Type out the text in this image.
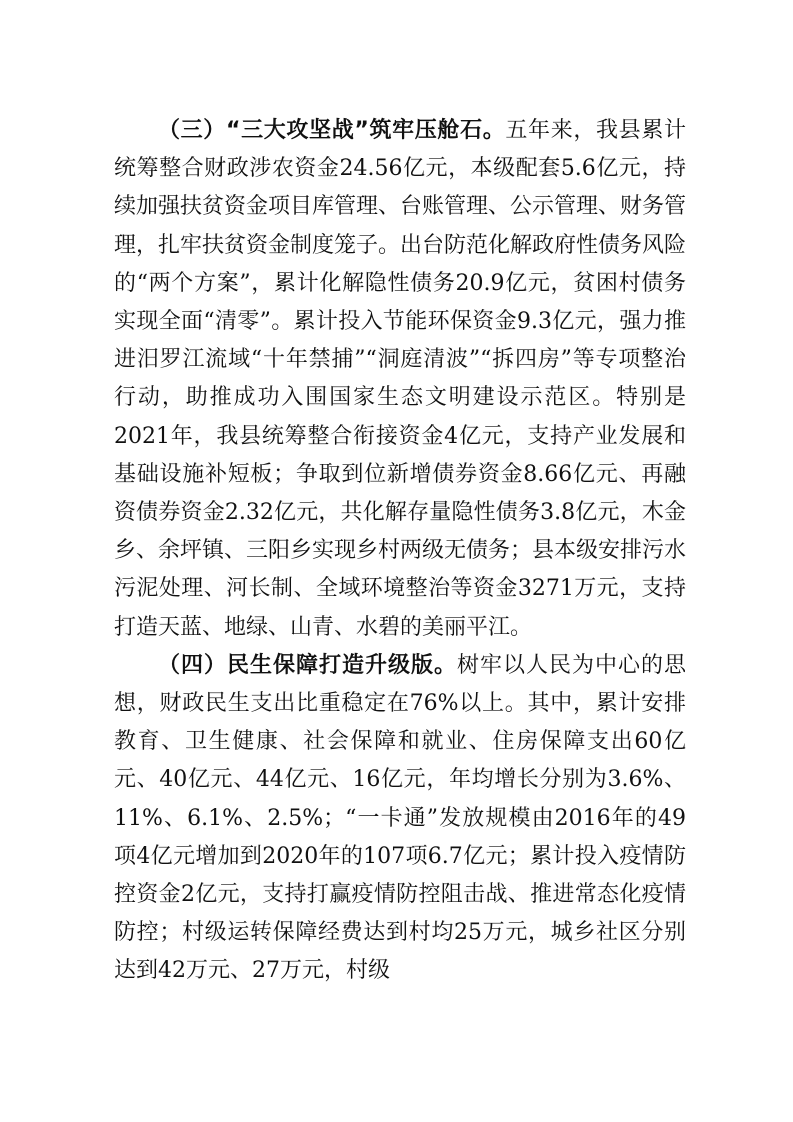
（三）“三大攻坚战”筑牢压舱石。五年来，我县累计统筹整合财政涉农资金24.56亿元，本级配套5.6亿元，持续加强扶贫资金项目库管理、台账管理、公示管理、财务管理，扎牢扶贫资金制度笼子。出台防范化解政府性债务风险的“两个方案”，累计化解隐性债务20.9亿元，贫困村债务实现全面“清零”。累计投入节能环保资金9.3亿元，强力推进汨罗江流域“十年禁捕”“洞庭清波”“拆四房”等专项整治行动，助推成功入围国家生态文明建设示范区。特别是2021年，我县统筹整合衔接资金4亿元，支持产业发展和基础设施补短板；争取到位新增债券资金8.66亿元、再融资债券资金2.32亿元，共化解存量隐性债务3.8亿元，木金乡、余坪镇、三阳乡实现乡村两级无债务；县本级安排污水污泥处理、河长制、全域环境整治等资金3271万元，支持打造天蓝、地绿、山青、水碧的美丽平江。

（四）民生保障打造升级版。树牢以人民为中心的思想，财政民生支出比重稳定在76%以上。其中，累计安排教育、卫生健康、社会保障和就业、住房保障支出60亿元、40亿元、44亿元、16亿元，年均增长分别为3.6%、11%、6.1%、2.5%；“一卡通”发放规模由2016年的49项4亿元增加到2020年的107项6.7亿元；累计投入疫情防控资金2亿元，支持打赢疫情防控阻击战、推进常态化疫情防控；村级运转保障经费达到村均25万元，城乡社区分别达到42万元、27万元，村级
